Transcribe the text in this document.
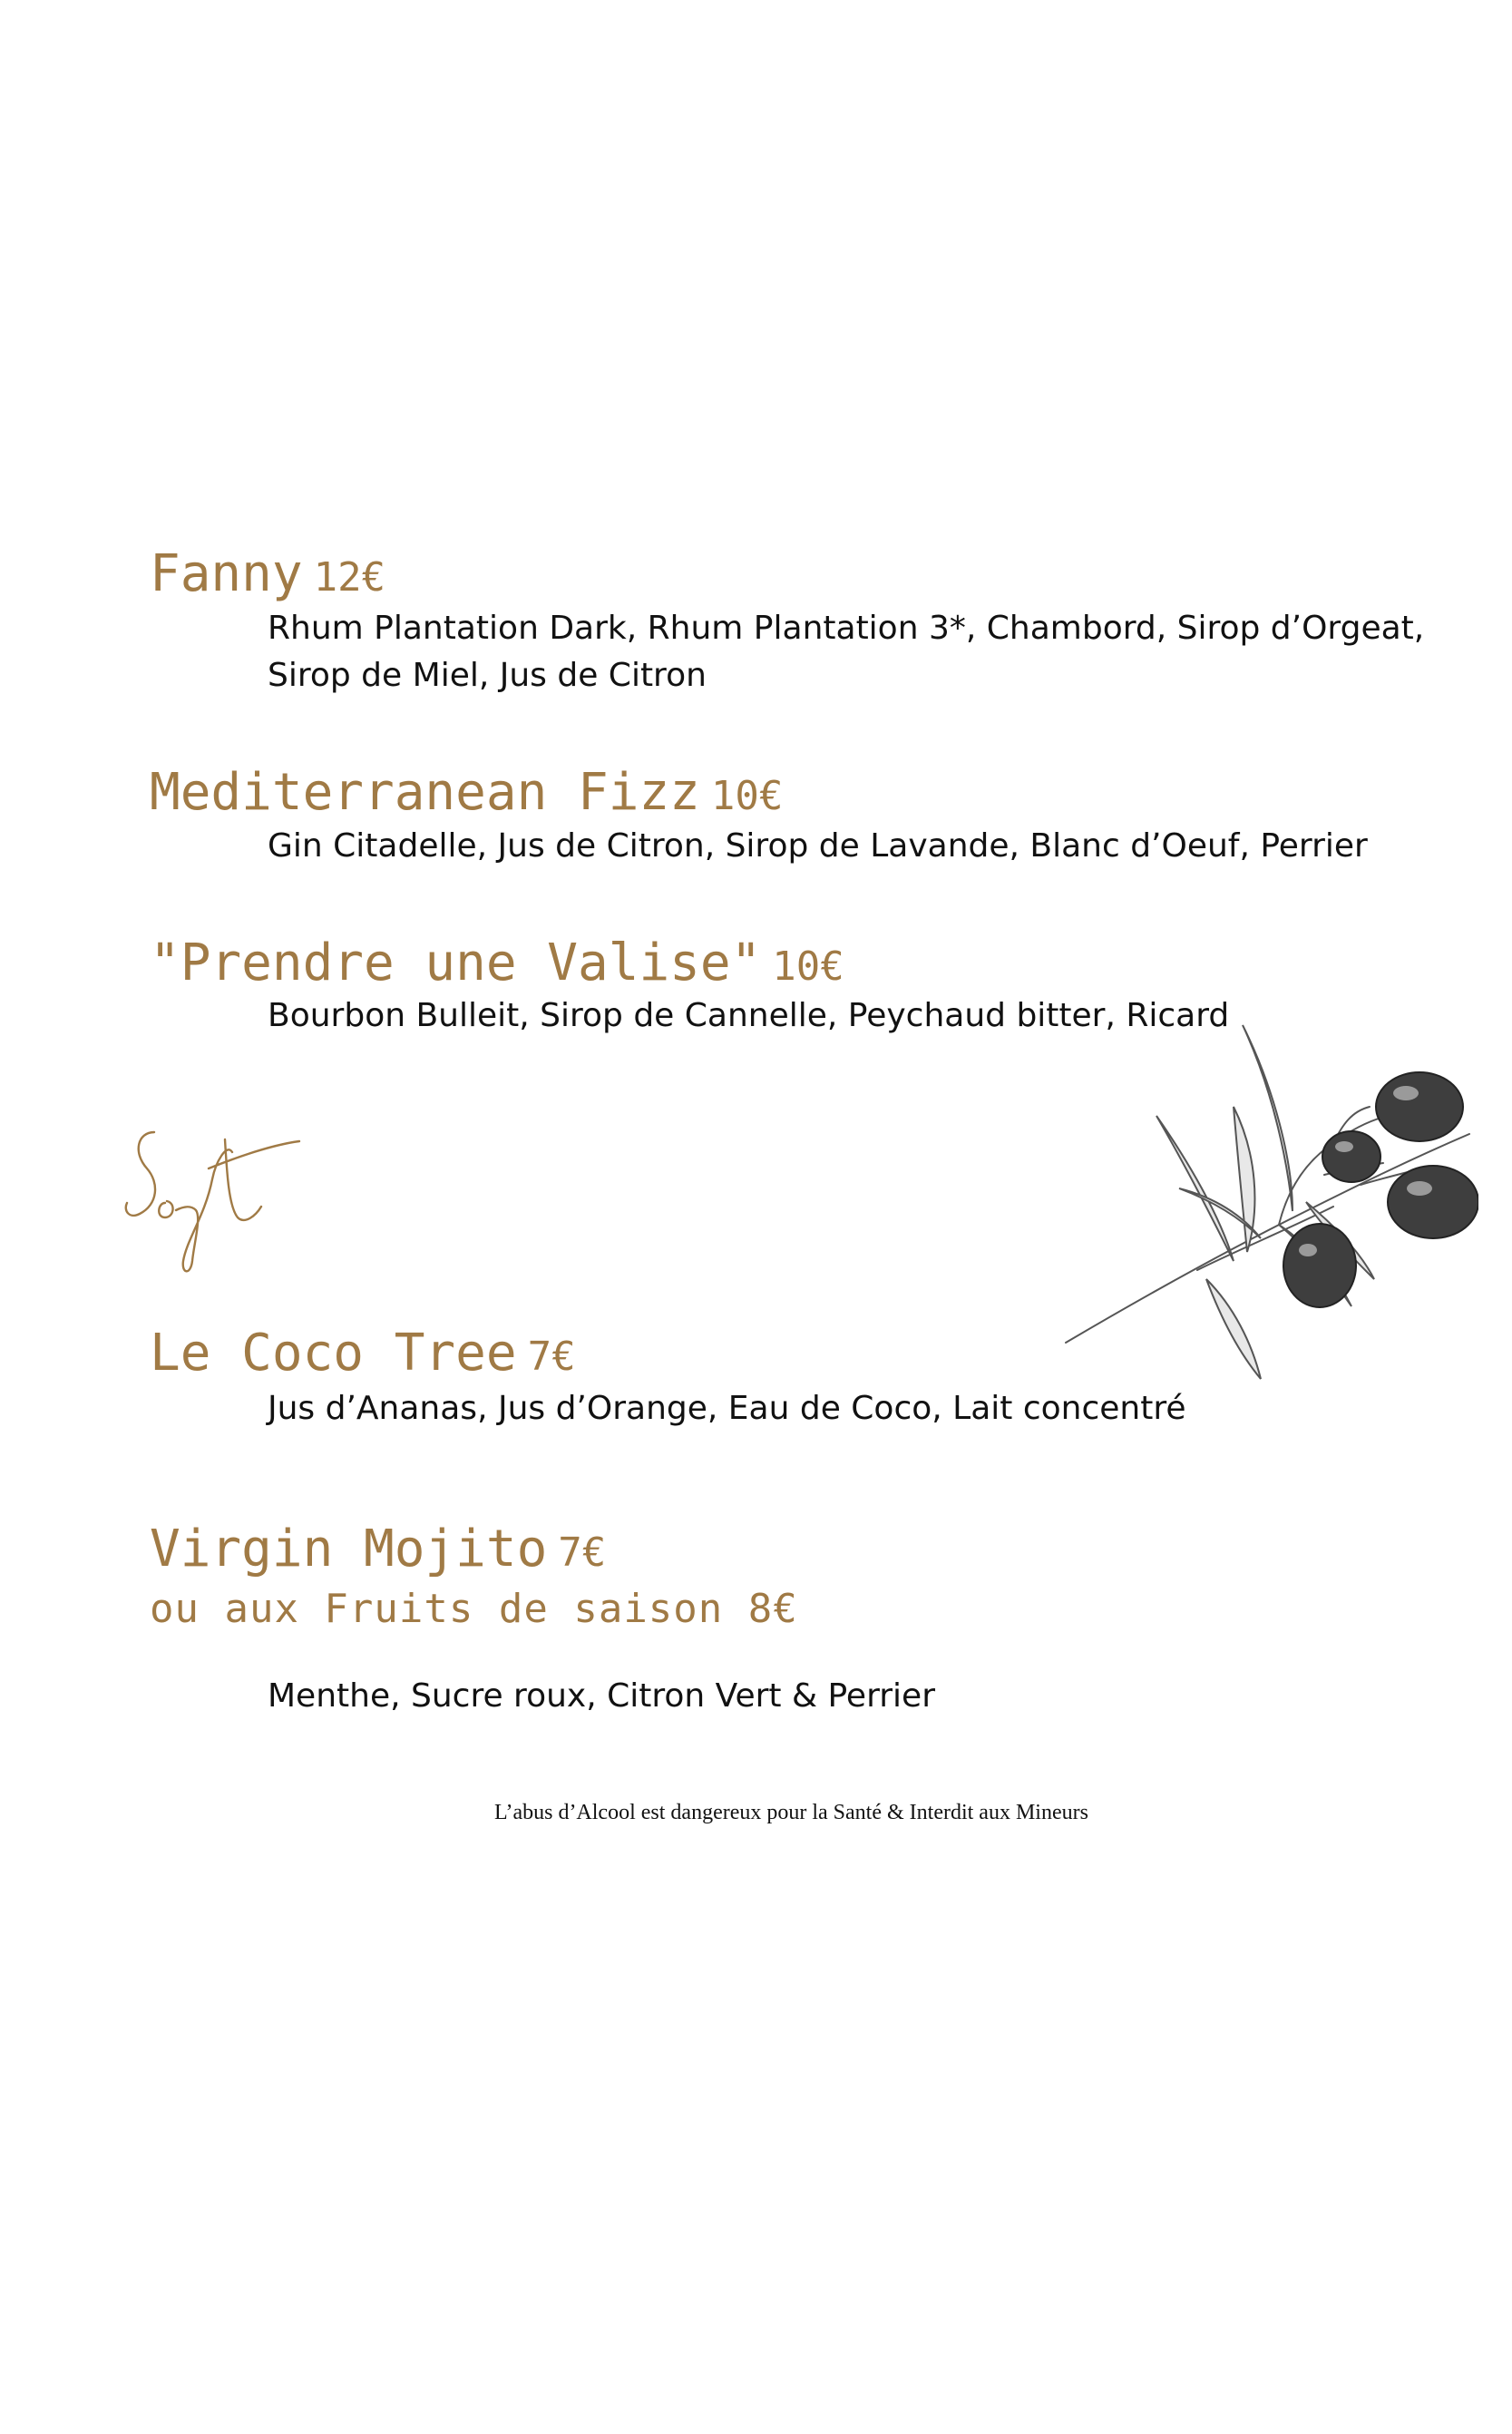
Fanny 12€
Rhum Plantation Dark, Rhum Plantation 3*, Chambord, Sirop d’Orgeat,
Sirop de Miel, Jus de Citron
Mediterranean Fizz 10€
Gin Citadelle, Jus de Citron, Sirop de Lavande, Blanc d’Oeuf, Perrier
"Prendre une Valise" 10€
Bourbon Bulleit, Sirop de Cannelle, Peychaud bitter, Ricard
Le Coco Tree 7€
Jus d’Ananas, Jus d’Orange, Eau de Coco, Lait concentré
Virgin Mojito 7€
ou aux Fruits de saison 8€
Menthe, Sucre roux, Citron Vert & Perrier
L’abus d’Alcool est dangereux pour la Santé & Interdit aux Mineurs
